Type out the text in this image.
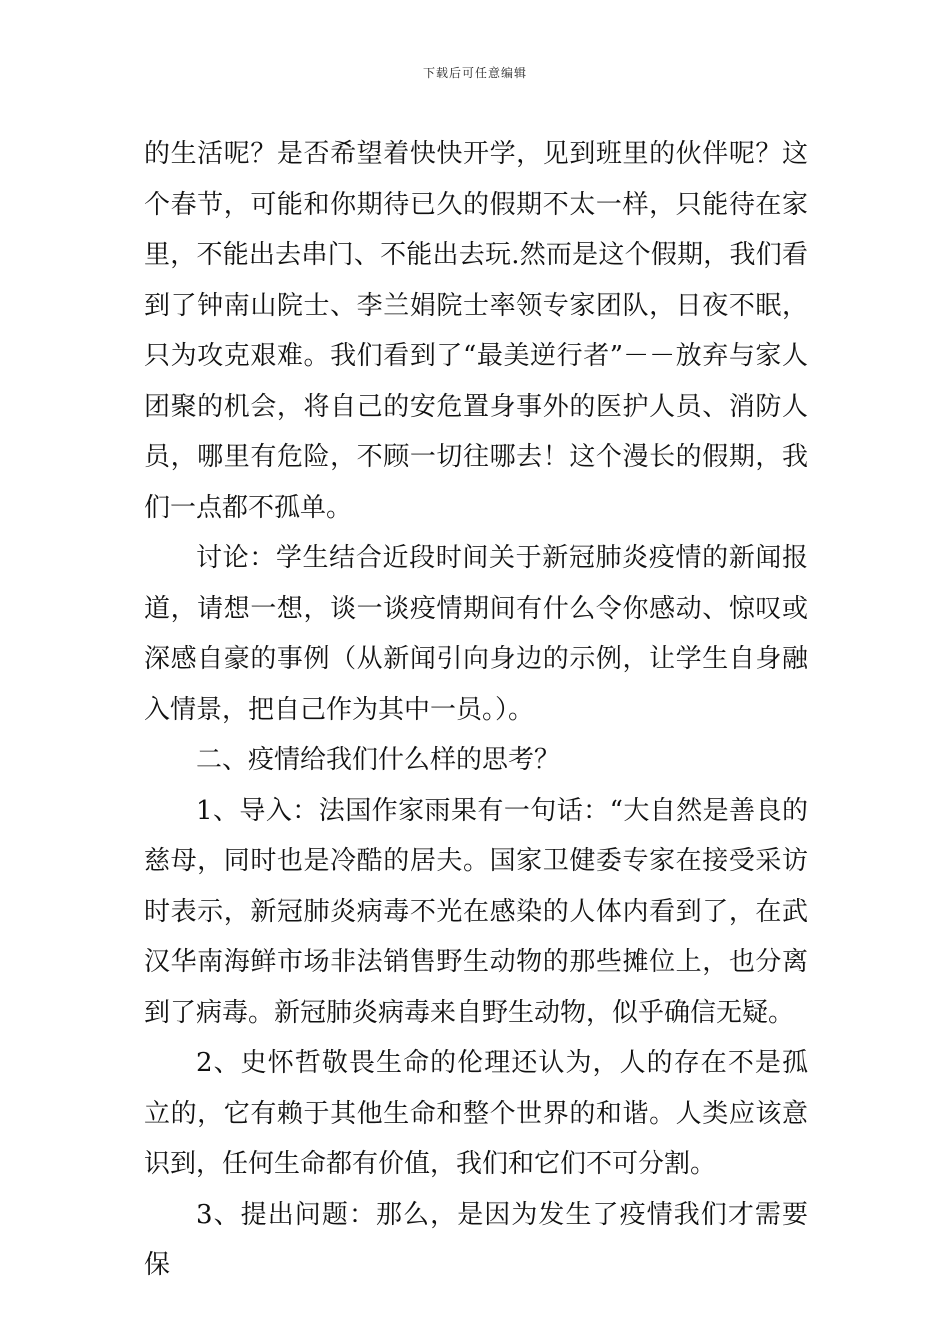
下载后可任意编辑

的生活呢？是否希望着快快开学，见到班里的伙伴呢？这个春节，可能和你期待已久的假期不太一样，只能待在家里，不能出去串门、不能出去玩.然而是这个假期，我们看到了钟南山院士、李兰娟院士率领专家团队，日夜不眠，只为攻克艰难。我们看到了“最美逆行者”－－放弃与家人团聚的机会，将自己的安危置身事外的医护人员、消防人员，哪里有危险，不顾一切往哪去！这个漫长的假期，我们一点都不孤单。

讨论：学生结合近段时间关于新冠肺炎疫情的新闻报道，请想一想，谈一谈疫情期间有什么令你感动、惊叹或深感自豪的事例（从新闻引向身边的示例，让学生自身融入情景，把自己作为其中一员。）。

二、疫情给我们什么样的思考？

1、导入：法国作家雨果有一句话：“大自然是善良的慈母，同时也是冷酷的居夫。国家卫健委专家在接受采访时表示，新冠肺炎病毒不光在感染的人体内看到了，在武汉华南海鲜市场非法销售野生动物的那些摊位上，也分离到了病毒。新冠肺炎病毒来自野生动物，似乎确信无疑。

2、史怀哲敬畏生命的伦理还认为，人的存在不是孤立的，它有赖于其他生命和整个世界的和谐。人类应该意识到，任何生命都有价值，我们和它们不可分割。

3、提出问题：那么，是因为发生了疫情我们才需要保
